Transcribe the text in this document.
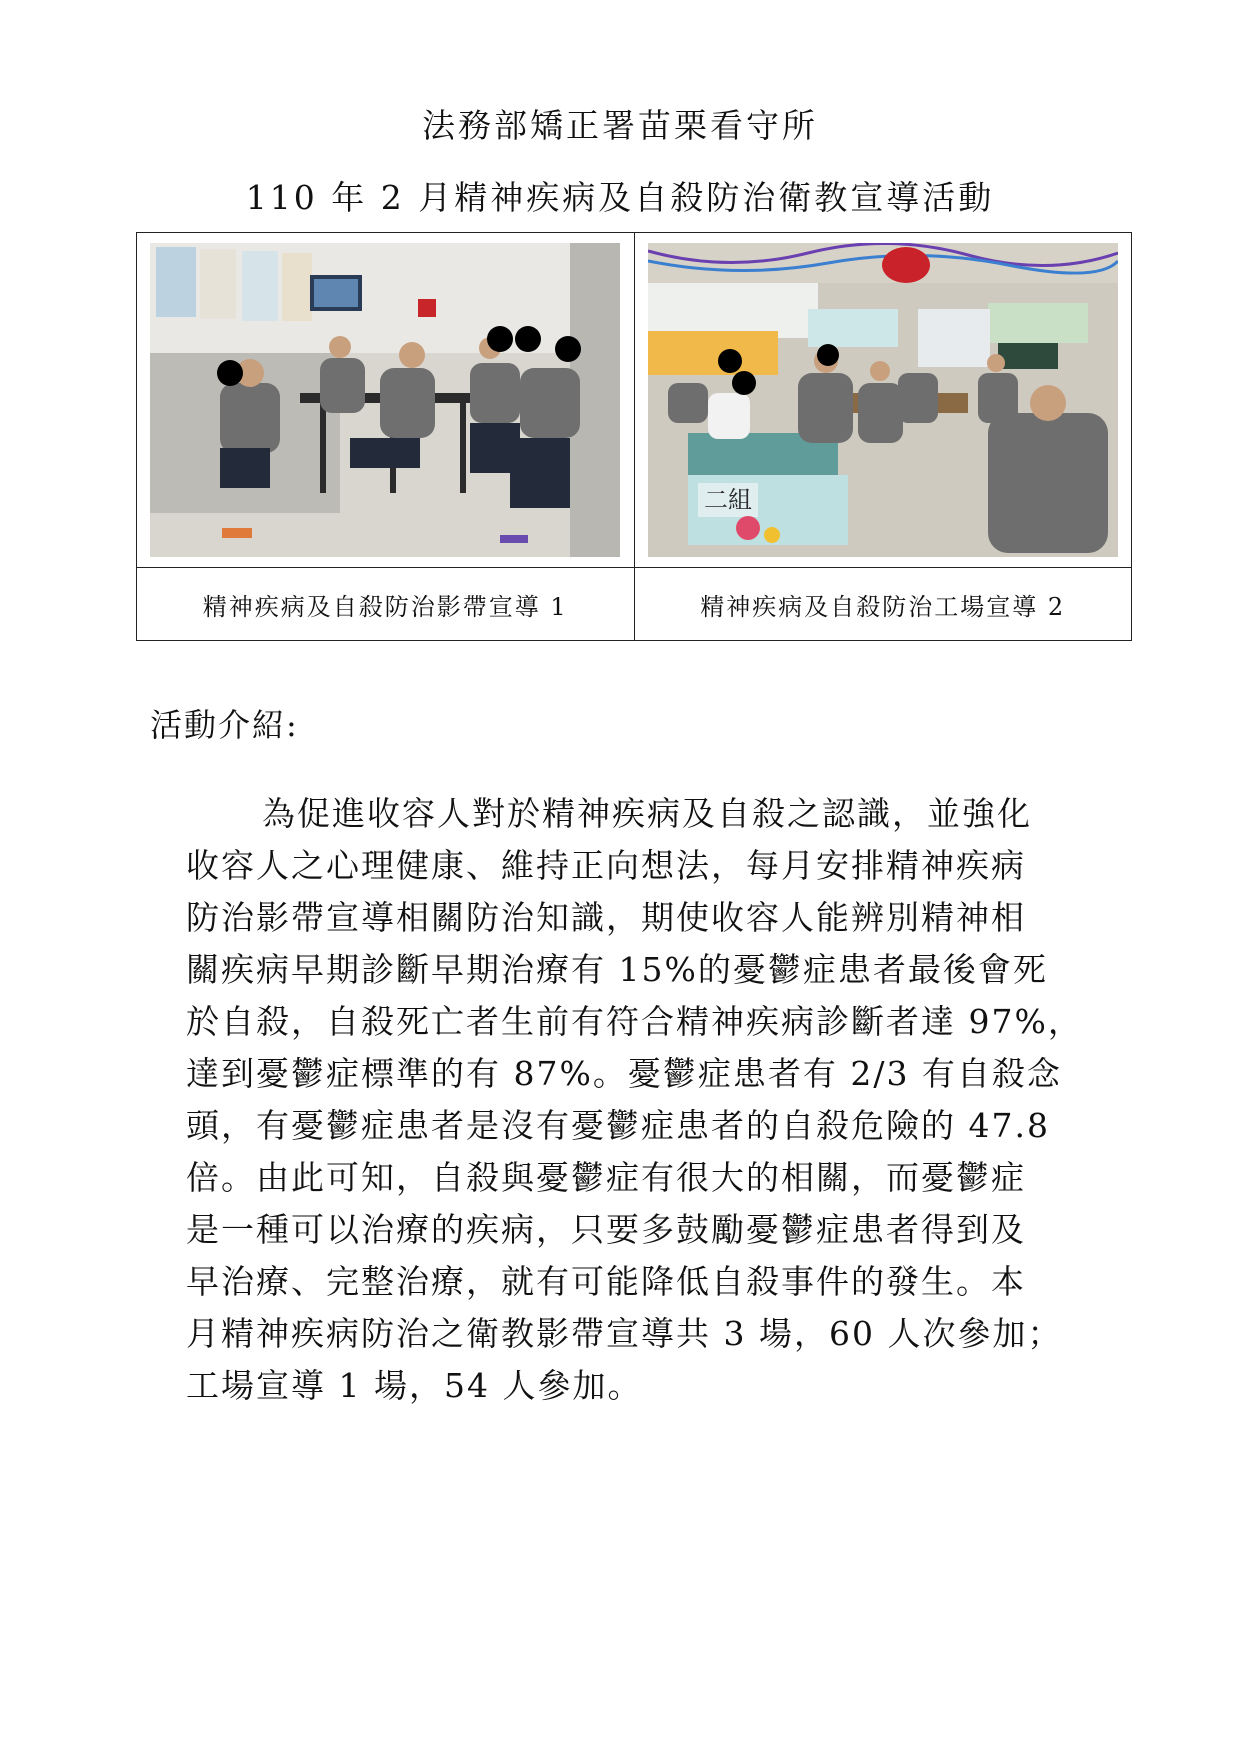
法務部矯正署苗栗看守所
110 年 2 月精神疾病及自殺防治衛教宣導活動

二組

精神疾病及自殺防治影帶宣導 1	精神疾病及自殺防治工場宣導 2
活動介紹:
為促進收容人對於精神疾病及自殺之認識，並強化
收容人之心理健康、維持正向想法，每月安排精神疾病
防治影帶宣導相關防治知識，期使收容人能辨別精神相
關疾病早期診斷早期治療有 15%的憂鬱症患者最後會死
於自殺，自殺死亡者生前有符合精神疾病診斷者達 97%，
達到憂鬱症標準的有 87%。憂鬱症患者有 2/3 有自殺念
頭，有憂鬱症患者是沒有憂鬱症患者的自殺危險的 47.8
倍。由此可知，自殺與憂鬱症有很大的相關，而憂鬱症
是一種可以治療的疾病，只要多鼓勵憂鬱症患者得到及
早治療、完整治療，就有可能降低自殺事件的發生。本
月精神疾病防治之衛教影帶宣導共 3 場，60 人次參加；
工場宣導 1 場，54 人參加。
